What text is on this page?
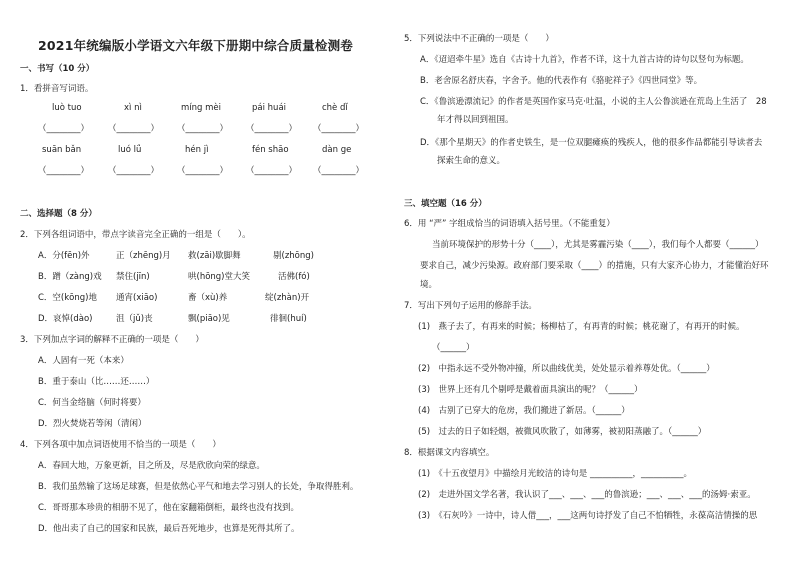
2021年统编版小学语文六年级下册期中综合质量检测卷
一、书写（10 分）
1．看拼音写词语。
luò tuo	xì nì	míng mèi	pái huái	chè dǐ
（________） （________） （________） （________） （________）
suān bǎn	luó lǘ	hén jì	fén shāo	dàn ge
（________） （________） （________） （________） （________）
二、选择题（8 分）
2．下列各组词语中，带点字读音完全正确的一组是（　　）。
A．分(fēn)外	正（zhēng)月 救(zāi)歇脚舞	剔(zhōng)
B．蹭（zàng)戏 禁住(jīn)	哄(hōng)堂大笑	活佛(fó)
C．空(kōng)地 通宵(xiāo)	畜（xù)养	绽(zhàn)开
D．哀悼(dào)	沮（jǔ)丧	飘(piāo)见	徘徊(huí)
3．下列加点字词的解释不正确的一项是（　　）
A．人固有一死（本来）
B．重于泰山（比……还……）
C．何当金络脑（何时将要）
D．烈火焚烧若等闲（清闲）
4．下列各项中加点词语使用不恰当的一项是（　　）
A．春回大地，万象更新，目之所及，尽是欣欣向荣的绿意。
B．我们虽然输了这场足球赛，但是依然心平气和地去学习别人的长处，争取得胜利。
C．哥哥那本珍贵的相册不见了，他在家翻箱倒柜，最终也没有找到。
D．他出卖了自己的国家和民族，最后吾死地步，也算是死得其所了。
5．下列说法中不正确的一项是（　　）
A．《迢迢牵牛星》选自《古诗十九首》，作者不详，这十九首古诗的诗句以竖句为标题。
B．老舍原名舒庆春，字舍予。他的代表作有《骆驼祥子》《四世同堂》等。
C．《鲁滨逊漂流记》的作者是英国作家马克·吐温，小说的主人公鲁滨逊在荒岛上生活了　28
　　年才得以回到祖国。
D．《那个星期天》的作者史铁生，是一位双腿瘫痪的残疾人，他的很多作品都能引导读者去
　　探索生命的意义。
三、填空题（16 分）
6．用 “严” 字组成恰当的词语填入括号里。（不能重复）
当前环境保护的形势十分（____），尤其是雾霾污染（____），我们每个人都要（______）
要求自己，减少污染源。政府部门要采取（____）的措施，只有大家齐心协力，才能懂治好环
境。
7．写出下列句子运用的修辞手法。
(1)　燕子去了，有再来的时候；杨柳枯了，有再青的时候；桃花谢了，有再开的时候。
（______）
(2)　中指永远不受外物冲撞，所以曲线优美，处处显示着养尊处优。（______）
(3)　世界上还有几个剔呼是戴着面具演出的呢？（______）
(4)　古别了已穿大的危房，我们搬进了新居。（______）
(5)　过去的日子如轻烟，被微风吹散了，如薄雾，被初阳蒸融了。（______）
8．根据课文内容填空。
(1)　《十五夜望月》中描绘月光皎洁的诗句是 __________，__________。
(2)　走进外国文学名著，我认识了___、___、___的鲁滨逊；___、___、___的汤姆·索亚。
(3)　《石灰吟》一诗中，诗人借___，___这两句诗抒发了自己不怕牺牲，永葆高洁情操的思
